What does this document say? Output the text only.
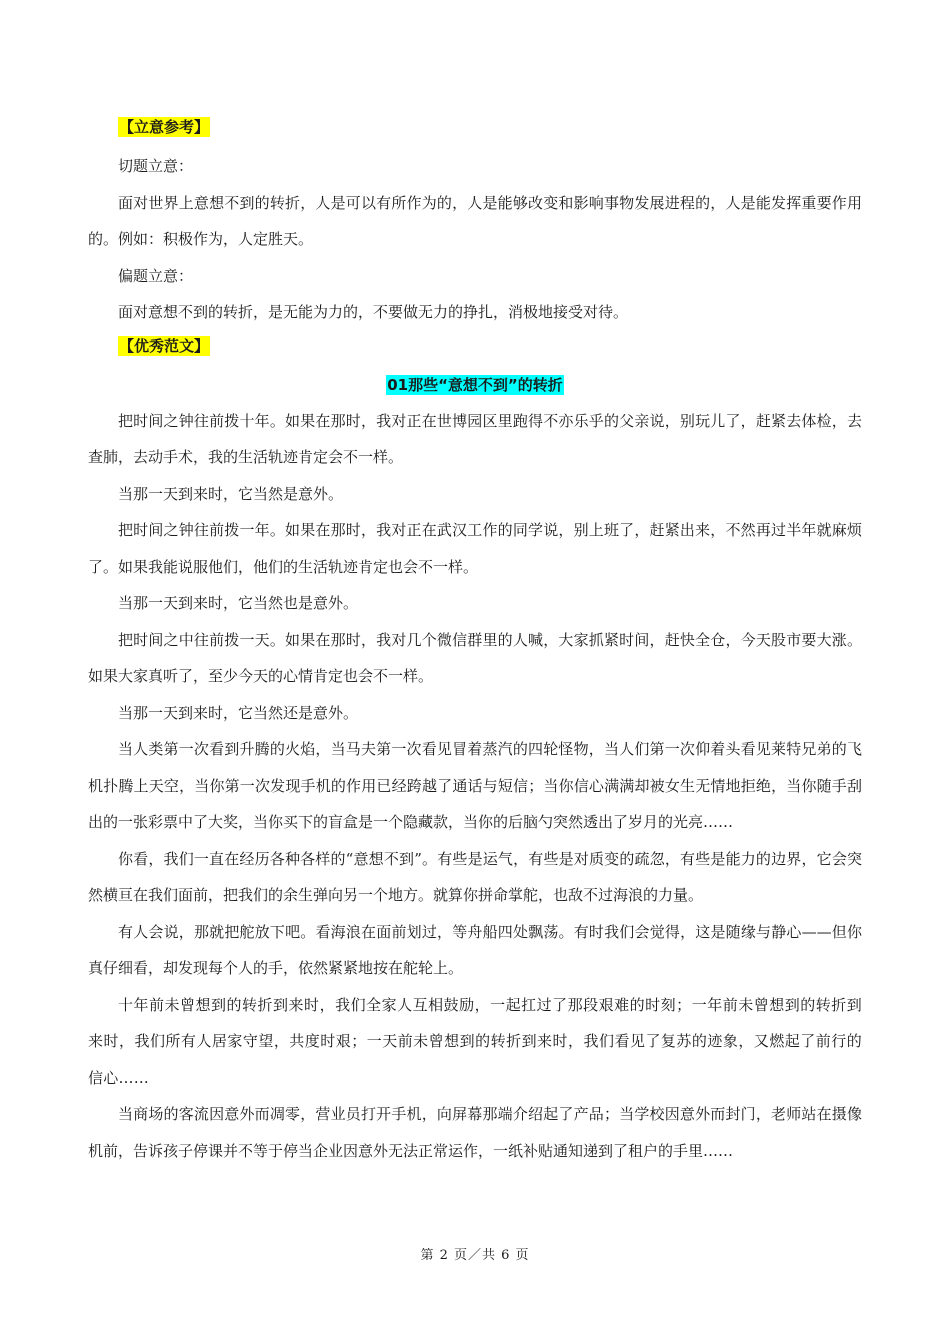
【立意参考】

切题立意：

面对世界上意想不到的转折，人是可以有所作为的，人是能够改变和影响事物发展进程的，人是能发挥重要作用的。例如：积极作为，人定胜天。

偏题立意：

面对意想不到的转折，是无能为力的，不要做无力的挣扎，消极地接受对待。

【优秀范文】
01那些“意想不到”的转折

把时间之钟往前拨十年。如果在那时，我对正在世博园区里跑得不亦乐乎的父亲说，别玩儿了，赶紧去体检，去查肺，去动手术，我的生活轨迹肯定会不一样。

当那一天到来时，它当然是意外。

把时间之钟往前拨一年。如果在那时，我对正在武汉工作的同学说，别上班了，赶紧出来，不然再过半年就麻烦了。如果我能说服他们，他们的生活轨迹肯定也会不一样。

当那一天到来时，它当然也是意外。

把时间之中往前拨一天。如果在那时，我对几个微信群里的人喊，大家抓紧时间，赶快全仓，今天股市要大涨。如果大家真听了，至少今天的心情肯定也会不一样。

当那一天到来时，它当然还是意外。

当人类第一次看到升腾的火焰，当马夫第一次看见冒着蒸汽的四轮怪物，当人们第一次仰着头看见莱特兄弟的飞机扑腾上天空，当你第一次发现手机的作用已经跨越了通话与短信；当你信心满满却被女生无情地拒绝，当你随手刮出的一张彩票中了大奖，当你买下的盲盒是一个隐藏款，当你的后脑勺突然透出了岁月的光亮……

你看，我们一直在经历各种各样的“意想不到”。有些是运气，有些是对质变的疏忽，有些是能力的边界，它会突然横亘在我们面前，把我们的余生弹向另一个地方。就算你拼命掌舵，也敌不过海浪的力量。

有人会说，那就把舵放下吧。看海浪在面前划过，等舟船四处飘荡。有时我们会觉得，这是随缘与静心——但你真仔细看，却发现每个人的手，依然紧紧地按在舵轮上。

十年前未曾想到的转折到来时，我们全家人互相鼓励，一起扛过了那段艰难的时刻；一年前未曾想到的转折到来时，我们所有人居家守望，共度时艰；一天前未曾想到的转折到来时，我们看见了复苏的迹象，又燃起了前行的信心……

当商场的客流因意外而凋零，营业员打开手机，向屏幕那端介绍起了产品；当学校因意外而封门，老师站在摄像机前，告诉孩子停课并不等于停当企业因意外无法正常运作，一纸补贴通知递到了租户的手里……

第 2 页／共 6 页
